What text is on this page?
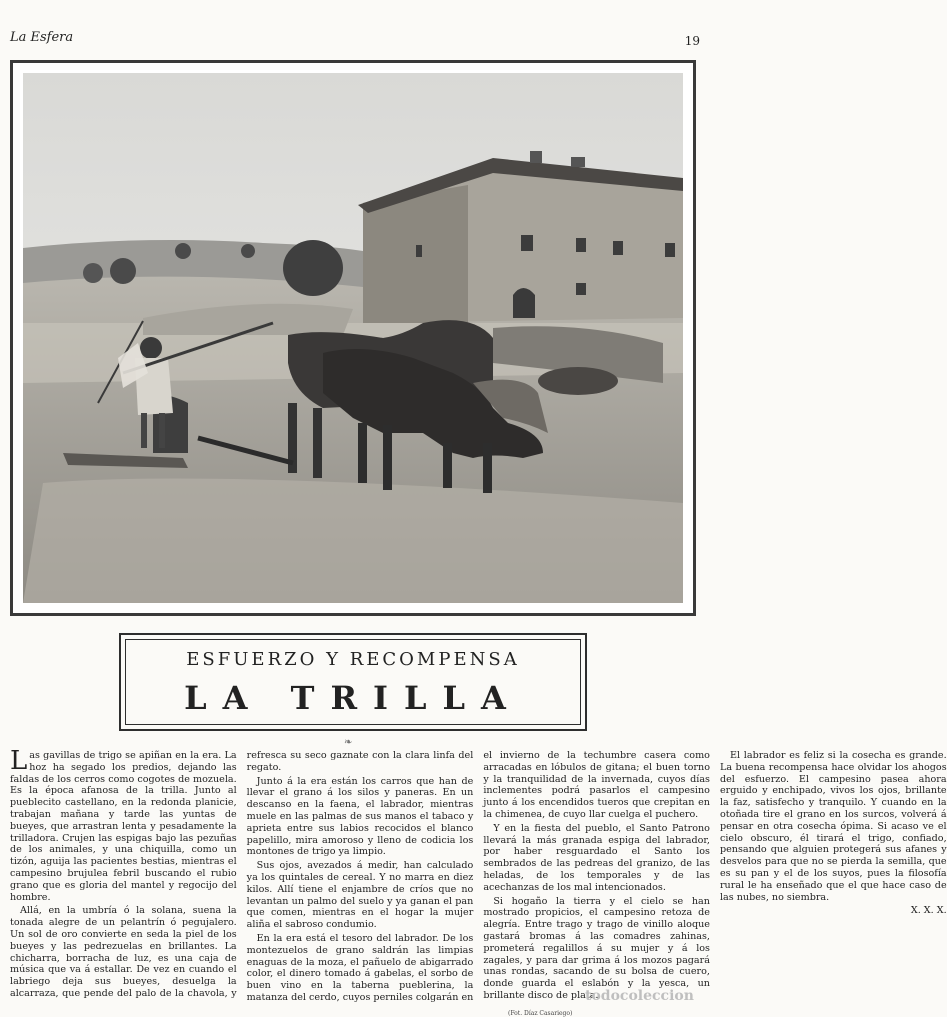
La Esfera	19
ESFUERZO Y RECOMPENSA
LA TRILLA
❧

Las gavillas de trigo se apiñan en la era. La hoz ha segado los predios, dejando las faldas de los cerros como cogotes de mozuela. Es la época afanosa de la trilla. Junto al pueblecito castellano, en la redonda planicie, trabajan mañana y tarde las yuntas de bueyes, que arrastran lenta y pesadamente la trilladora. Crujen las espigas bajo las pezuñas de los animales, y una chiquilla, como un tizón, aguija las pacientes bestias, mientras el campesino brujulea febril buscando el rubio grano que es gloria del mantel y regocijo del hombre.

Allá, en la umbría ó la solana, suena la tonada alegre de un pelantrín ó pegujalero. Un sol de oro convierte en seda la piel de los bueyes y las pedrezuelas en brillantes. La chicharra, borracha de luz, es una caja de música que va á estallar. De vez en cuando el labriego deja sus bueyes, desuelga la alcarraza, que pende del palo de la chavola, y refresca su seco gaznate con la clara linfa del regato.

Junto á la era están los carros que han de llevar el grano á los silos y paneras. En un descanso en la faena, el labrador, mientras muele en las palmas de sus manos el tabaco y aprieta entre sus labios recocidos el blanco papelillo, mira amoroso y lleno de codicia los montones de trigo ya limpio.

Sus ojos, avezados á medir, han calculado ya los quintales de cereal. Y no marra en diez kilos. Allí tiene el enjambre de críos que no levantan un palmo del suelo y ya ganan el pan que comen, mientras en el hogar la mujer aliña el sabroso condumio.

En la era está el tesoro del labrador. De los montezuelos de grano saldrán las limpias enaguas de la moza, el pañuelo de abigarrado color, el dinero tomado á gabelas, el sorbo de buen vino en la taberna pueblerina, la matanza del cerdo, cuyos perniles colgarán en el invierno de la techumbre casera como arracadas en lóbulos de gitana; el buen torno y la tranquilidad de la invernada, cuyos días inclementes podrá pasarlos el campesino junto á los encendidos tueros que crepitan en la chimenea, de cuyo llar cuelga el puchero.

Y en la fiesta del pueblo, el Santo Patrono llevará la más granada espiga del labrador, por haber resguardado el Santo los sembrados de las pedreas del granizo, de las heladas, de los temporales y de las acechanzas de los mal intencionados.

Si hogaño la tierra y el cielo se han mostrado propicios, el campesino retoza de alegría. Entre trago y trago de vinillo aloque gastará bromas á las comadres zahinas, prometerá regalillos á su mujer y á los zagales, y para dar grima á los mozos pagará unas rondas, sacando de su bolsa de cuero, donde guarda el eslabón y la yesca, un brillante disco de plata.

El labrador es feliz si la cosecha es grande. La buena recompensa hace olvidar los ahogos del esfuerzo. El campesino pasea ahora erguido y enchipado, vivos los ojos, brillante la faz, satisfecho y tranquilo. Y cuando en la otoñada tire el grano en los surcos, volverá á pensar en otra cosecha ópima. Si acaso ve el cielo obscuro, él tirará el trigo, confiado, pensando que alguien protegerá sus afanes y desvelos para que no se pierda la semilla, que es su pan y el de los suyos, pues la filosofía rural le ha enseñado que el que hace caso de las nubes, no siembra.

X. X. X.

todocoleccion
(Fot. Díaz Casariego)
